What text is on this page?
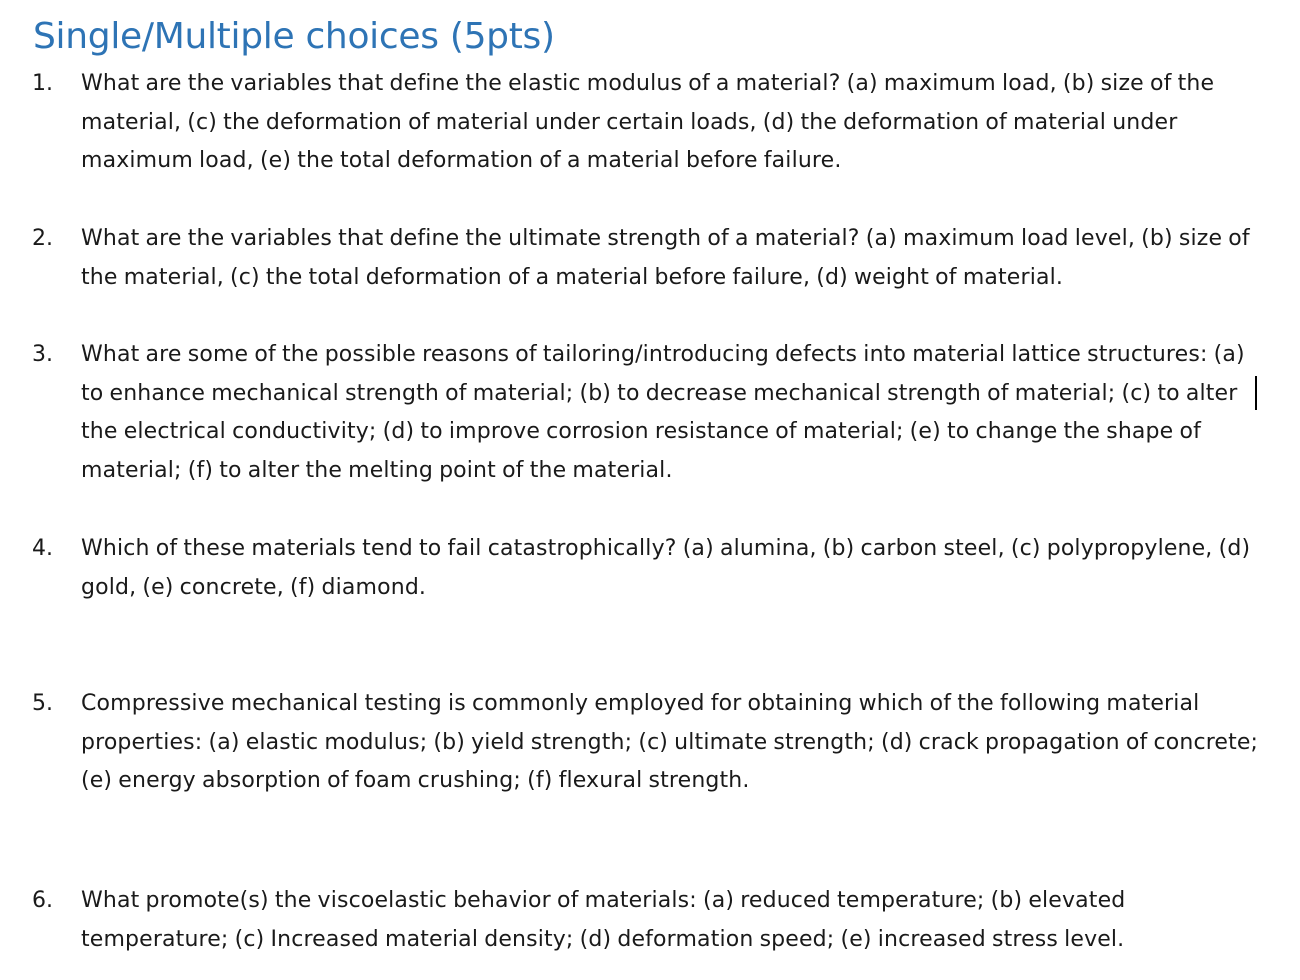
Single/Multiple choices (5pts)
1. What are the variables that define the elastic modulus of a material? (a) maximum load, (b) size of the material, (c) the deformation of material under certain loads, (d) the deformation of material under maximum load, (e) the total deformation of a material before failure.
2. What are the variables that define the ultimate strength of a material? (a) maximum load level, (b) size of the material, (c) the total deformation of a material before failure, (d) weight of material.
3. What are some of the possible reasons of tailoring/introducing defects into material lattice structures: (a) to enhance mechanical strength of material; (b) to decrease mechanical strength of material; (c) to alter the electrical conductivity; (d) to improve corrosion resistance of material; (e) to change the shape of material; (f) to alter the melting point of the material.
4. Which of these materials tend to fail catastrophically? (a) alumina, (b) carbon steel, (c) polypropylene, (d) gold, (e) concrete, (f) diamond.
5. Compressive mechanical testing is commonly employed for obtaining which of the following material properties: (a) elastic modulus; (b) yield strength; (c) ultimate strength; (d) crack propagation of concrete; (e) energy absorption of foam crushing; (f) flexural strength.
6. What promote(s) the viscoelastic behavior of materials: (a) reduced temperature; (b) elevated temperature; (c) Increased material density; (d) deformation speed; (e) increased stress level.
